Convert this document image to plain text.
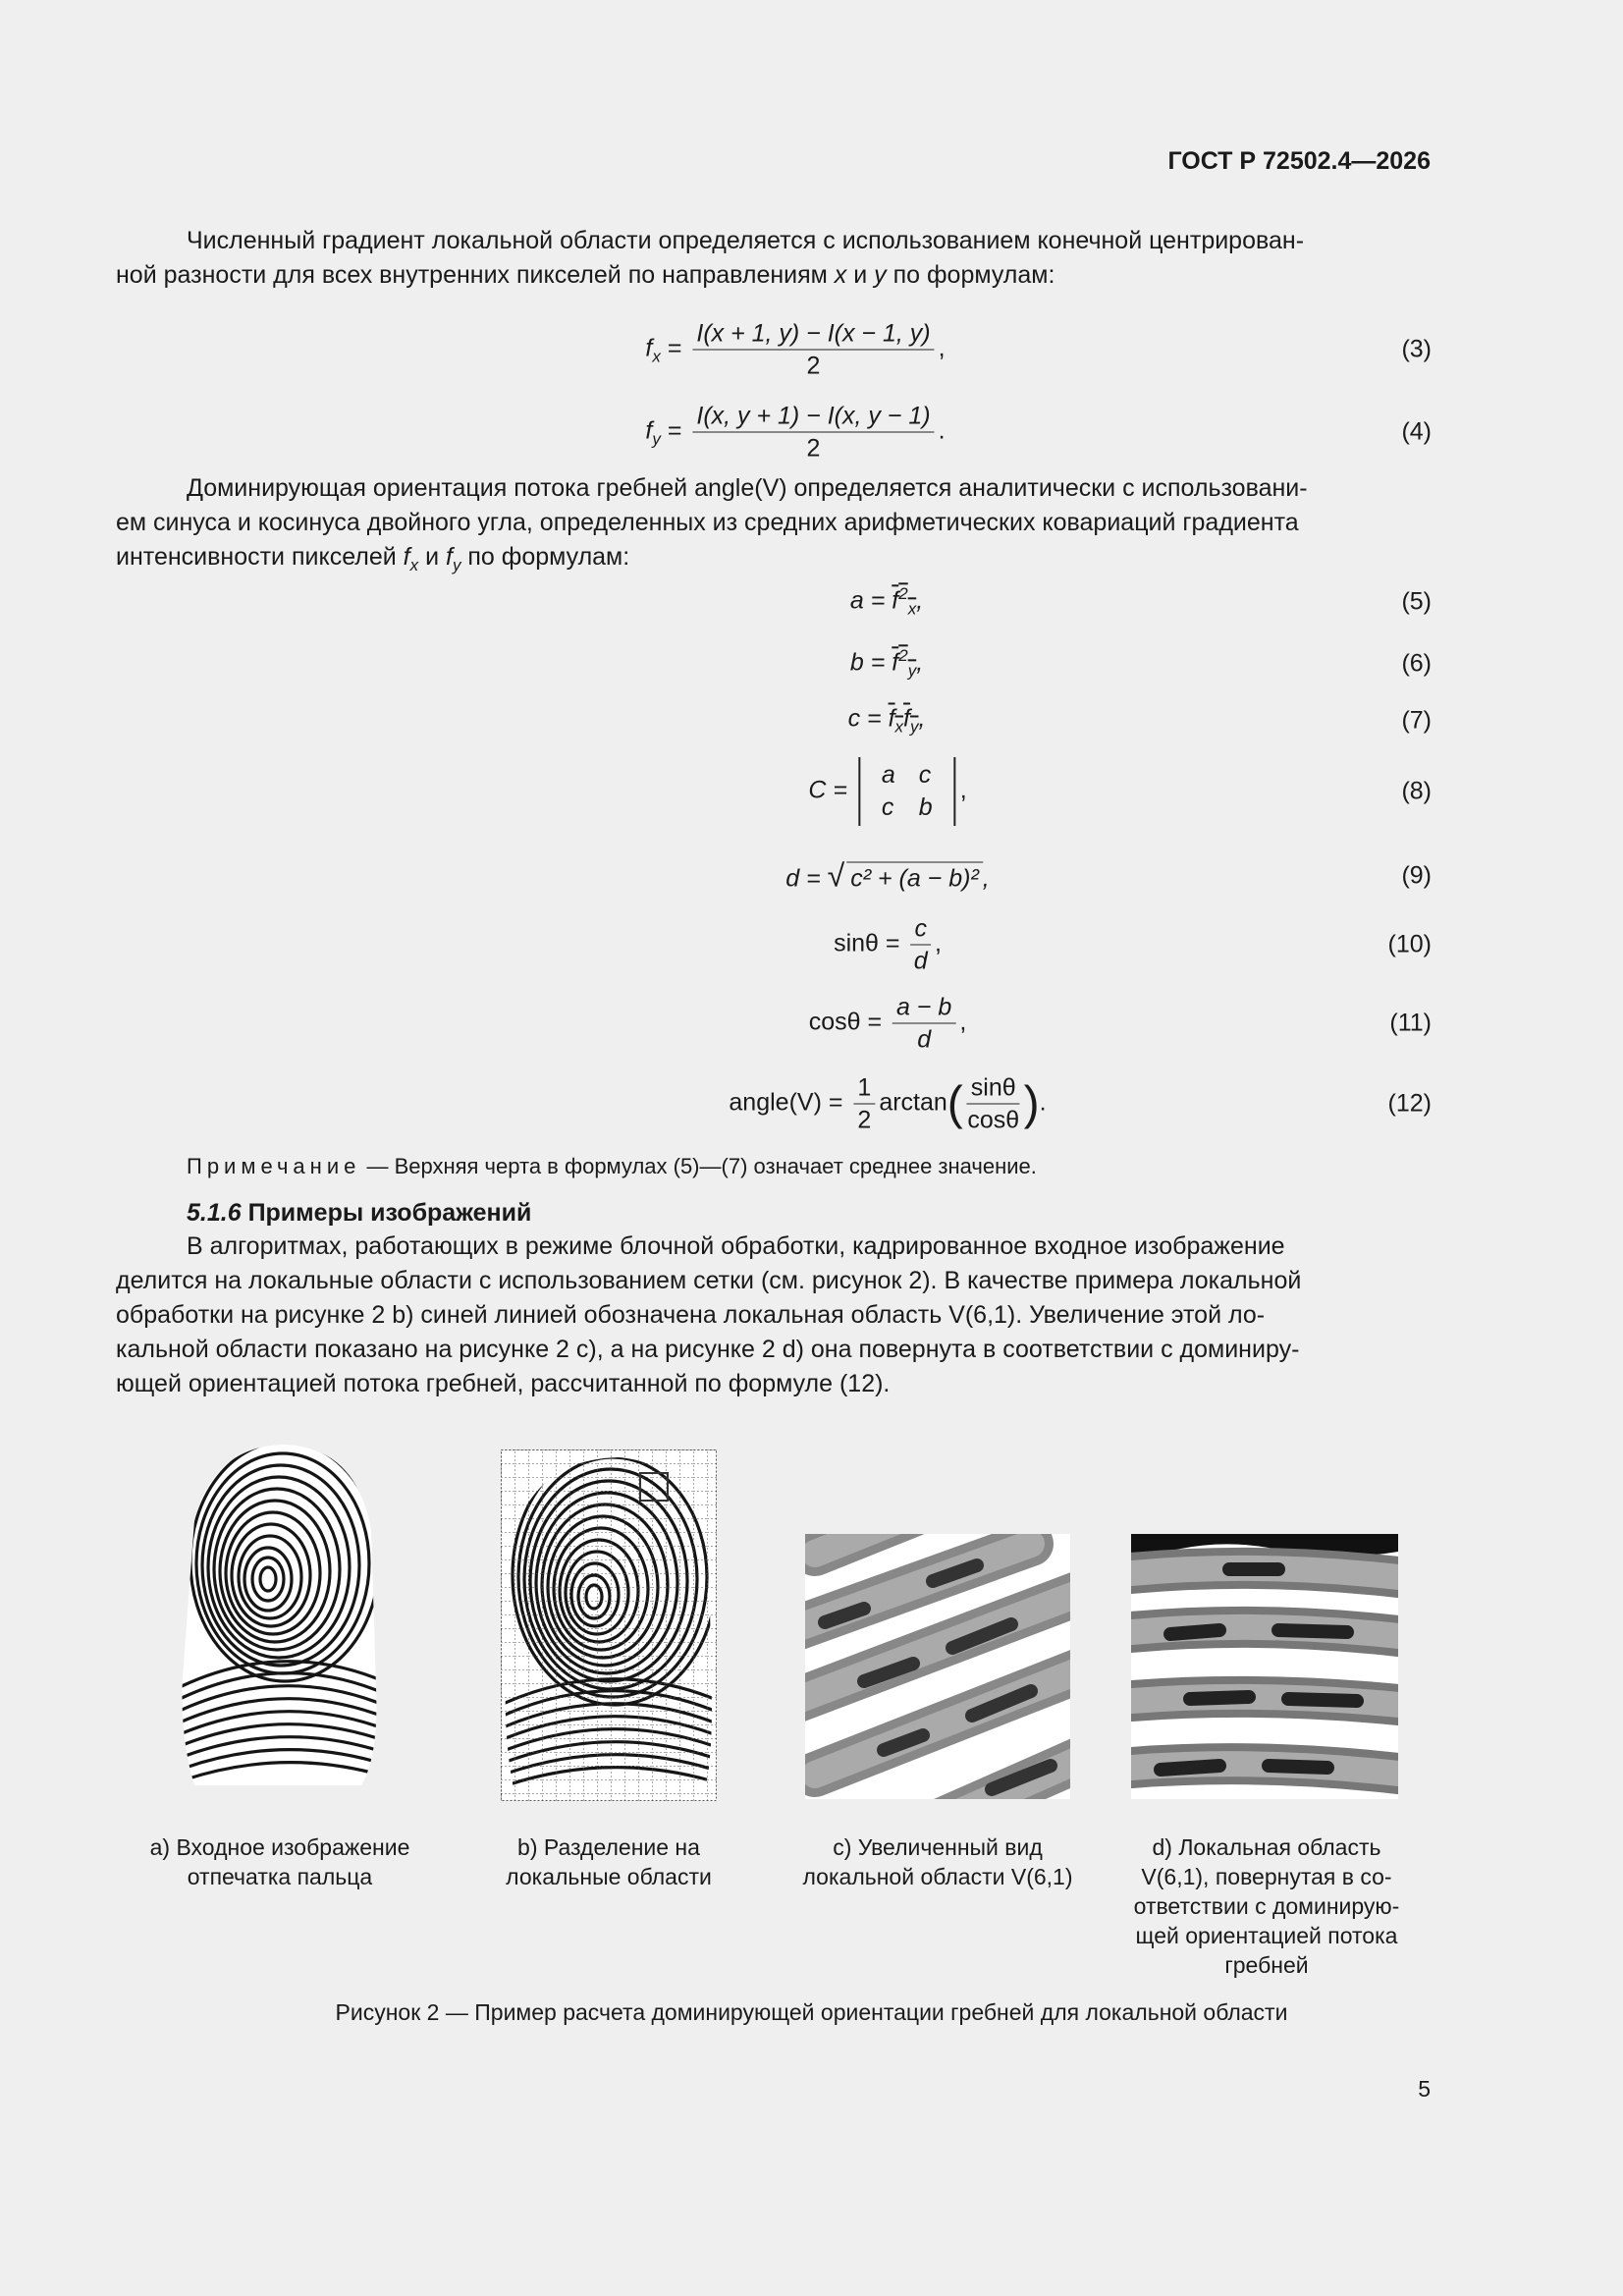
ГОСТ Р 72502.4—2026
Численный градиент локальной области определяется с использованием конечной центрирован-
ной разности для всех внутренних пикселей по направлениям x и y по формулам:
$f_x = \frac{I(x + 1, y) - I(x - 1, y)}{2}$ ,	(3)
$f_y = \frac{I(x, y + 1) - I(x, y - 1)}{2}$ .	(4)
Доминирующая ориентация потока гребней angle(V) определяется аналитически с использовани-
ем синуса и косинуса двойного угла, определенных из средних арифметических ковариаций градиента
интенсивности пикселей $f_x$ и $f_y$ по формулам:
$a = f^2_x$,	(5)
$b = f^2_y$,	(6)
$c = f_xf_y$,	(7)
C =
a	c
c	b
,	(8)
d = √ c² + (a − b)² ,	(9)
$\sin\theta = \frac{c}{d}$ ,	(10)
$\cos\theta = \frac{a - b}{d}$ ,	(11)
angle(V) = $\frac{1}{2} \arctan( \frac{\sin\theta}{\cos\theta}$ ).	(12)
Примечание — Верхняя черта в формулах (5)—(7) означает среднее значение.
5.1.6 Примеры изображений
В алгоритмах, работающих в режиме блочной обработки, кадрированное входное изображение
делится на локальные области с использованием сетки (см. рисунок 2). В качестве примера локальной
обработки на рисунке 2 b) синей линией обозначена локальная область V(6,1). Увеличение этой ло-
кальной области показано на рисунке 2 c), а на рисунке 2 d) она повернута в соответствии с доминиру-
ющей ориентацией потока гребней, рассчитанной по формуле (12).
a) Входное изображение
отпечатка пальца
b) Разделение на
локальные области
c) Увеличенный вид
локальной области V(6,1)
d) Локальная область
V(6,1), повернутая в со-
ответствии с доминирую-
щей ориентацией потока
гребней
Рисунок 2 — Пример расчета доминирующей ориентации гребней для локальной области
5
